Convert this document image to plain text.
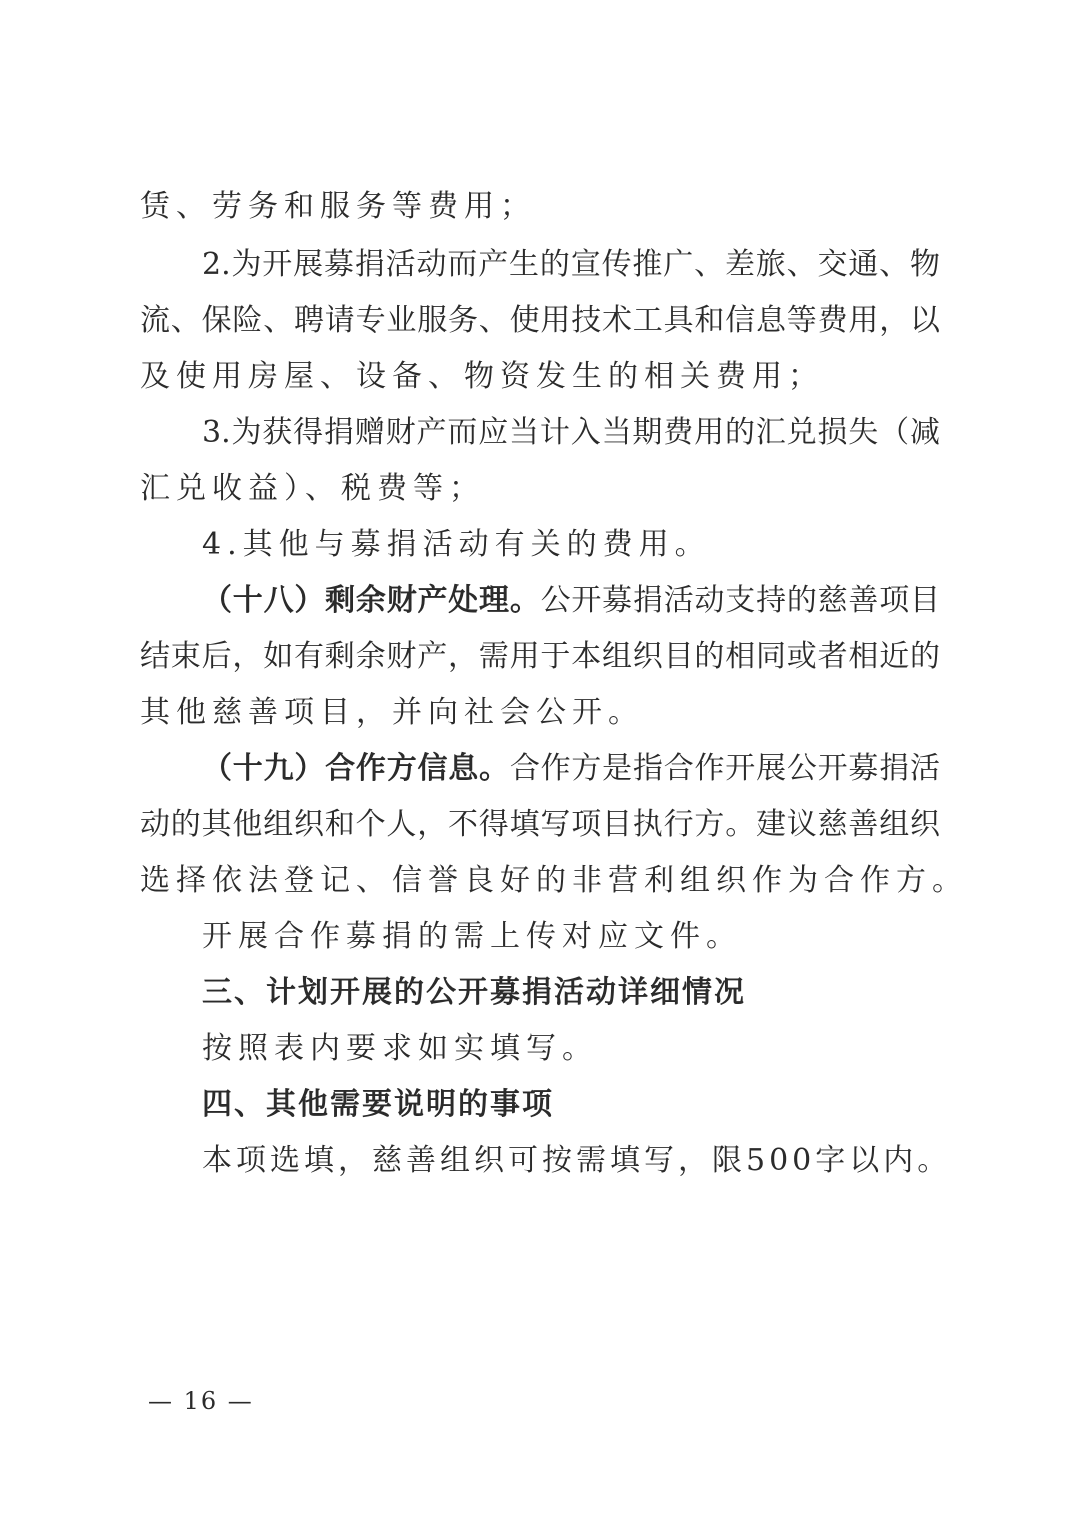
赁、劳务和服务等费用；
2.为开展募捐活动而产生的宣传推广、差旅、交通、物
流、保险、聘请专业服务、使用技术工具和信息等费用，以
及使用房屋、设备、物资发生的相关费用；
3.为获得捐赠财产而应当计入当期费用的汇兑损失（减
汇兑收益）、税费等；
4.其他与募捐活动有关的费用。
（十八）剩余财产处理。公开募捐活动支持的慈善项目
结束后，如有剩余财产，需用于本组织目的相同或者相近的
其他慈善项目，并向社会公开。
（十九）合作方信息。合作方是指合作开展公开募捐活
动的其他组织和个人，不得填写项目执行方。建议慈善组织
选择依法登记、信誉良好的非营利组织作为合作方。
开展合作募捐的需上传对应文件。
三、计划开展的公开募捐活动详细情况
按照表内要求如实填写。
四、其他需要说明的事项
本项选填，慈善组织可按需填写，限500字以内。
— 16 —
